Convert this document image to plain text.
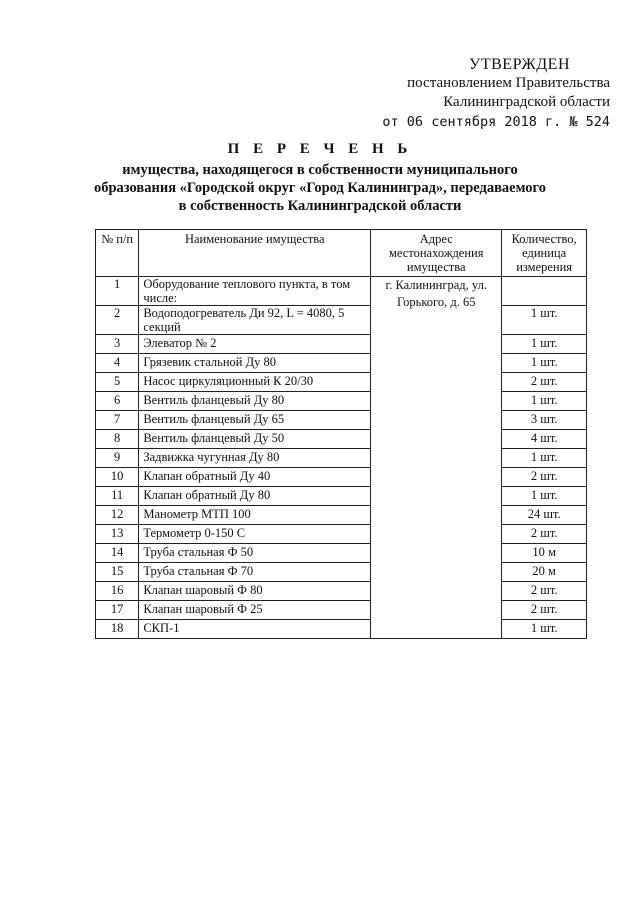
УТВЕРЖДЕН
постановлением Правительства
Калининградской области
от 06 сентября 2018 г. № 524
П Е Р Е Ч Е Н Ь
имущества, находящегося в собственности муниципального
образования «Городской округ «Город Калининград», передаваемого
в собственность Калининградской области
№ п/п	Наименование имущества	Адрес местонахождения имущества	Количество, единица измерения
1	Оборудование теплового пункта, в том числе:	г. Калининград, ул. Горького, д. 65	
2	Водоподогреватель Ди 92, L = 4080, 5 секций		1 шт.
3	Элеватор № 2		1 шт.
4	Грязевик стальной Ду 80		1 шт.
5	Насос циркуляционный К 20/30		2 шт.
6	Вентиль фланцевый Ду 80		1 шт.
7	Вентиль фланцевый Ду 65		3 шт.
8	Вентиль фланцевый Ду 50		4 шт.
9	Задвижка чугунная Ду 80		1 шт.
10	Клапан обратный Ду 40		2 шт.
11	Клапан обратный Ду 80		1 шт.
12	Манометр МТП 100		24 шт.
13	Термометр 0-150 С		2 шт.
14	Труба стальная Ф 50		10 м
15	Труба стальная Ф 70		20 м
16	Клапан шаровый Ф 80		2 шт.
17	Клапан шаровый Ф 25		2 шт.
18	СКП-1		1 шт.
